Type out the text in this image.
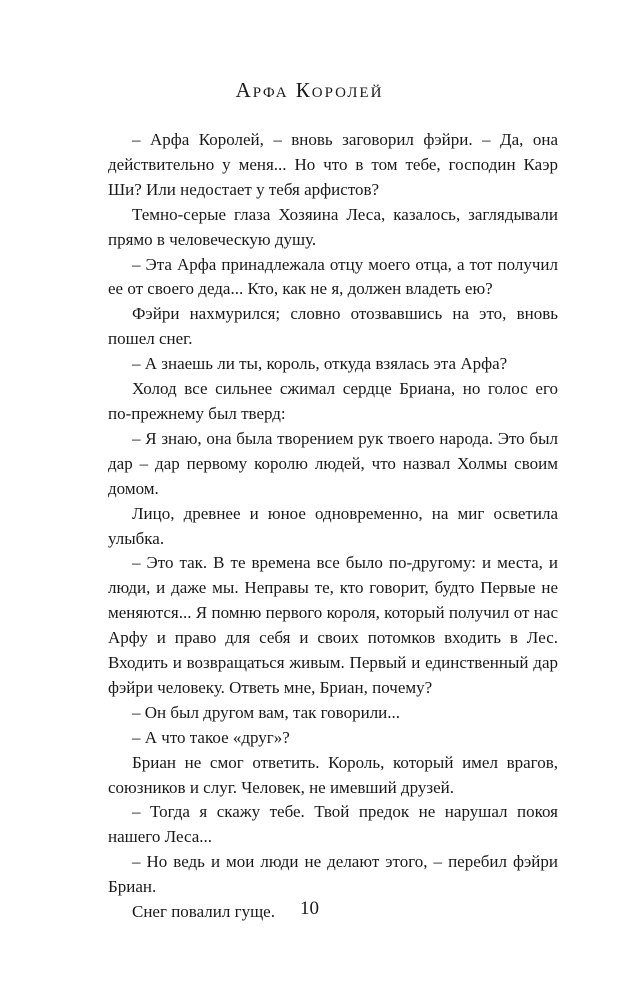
Арфа Королей

– Арфа Королей, – вновь заговорил фэйри. – Да, она действительно у меня... Но что в том тебе, господин Каэр Ши? Или недостает у тебя арфистов?

Темно-серые глаза Хозяина Леса, казалось, заглядывали прямо в человеческую душу.

– Эта Арфа принадлежала отцу моего отца, а тот получил ее от своего деда... Кто, как не я, должен владеть ею?

Фэйри нахмурился; словно отозвавшись на это, вновь пошел снег.

– А знаешь ли ты, король, откуда взялась эта Арфа?

Холод все сильнее сжимал сердце Бриана, но голос его по-прежнему был тверд:

– Я знаю, она была творением рук твоего народа. Это был дар – дар первому королю людей, что назвал Холмы своим домом.

Лицо, древнее и юное одновременно, на миг осветила улыбка.

– Это так. В те времена все было по-другому: и места, и люди, и даже мы. Неправы те, кто говорит, будто Первые не меняются... Я помню первого короля, который получил от нас Арфу и право для себя и своих потомков входить в Лес. Входить и возвращаться живым. Первый и единственный дар фэйри человеку. Ответь мне, Бриан, почему?

– Он был другом вам, так говорили...

– А что такое «друг»?

Бриан не смог ответить. Король, который имел врагов, союзников и слуг. Человек, не имевший друзей.

– Тогда я скажу тебе. Твой предок не нарушал покоя нашего Леса...

– Но ведь и мои люди не делают этого, – перебил фэйри Бриан.

Снег повалил гуще.	10
